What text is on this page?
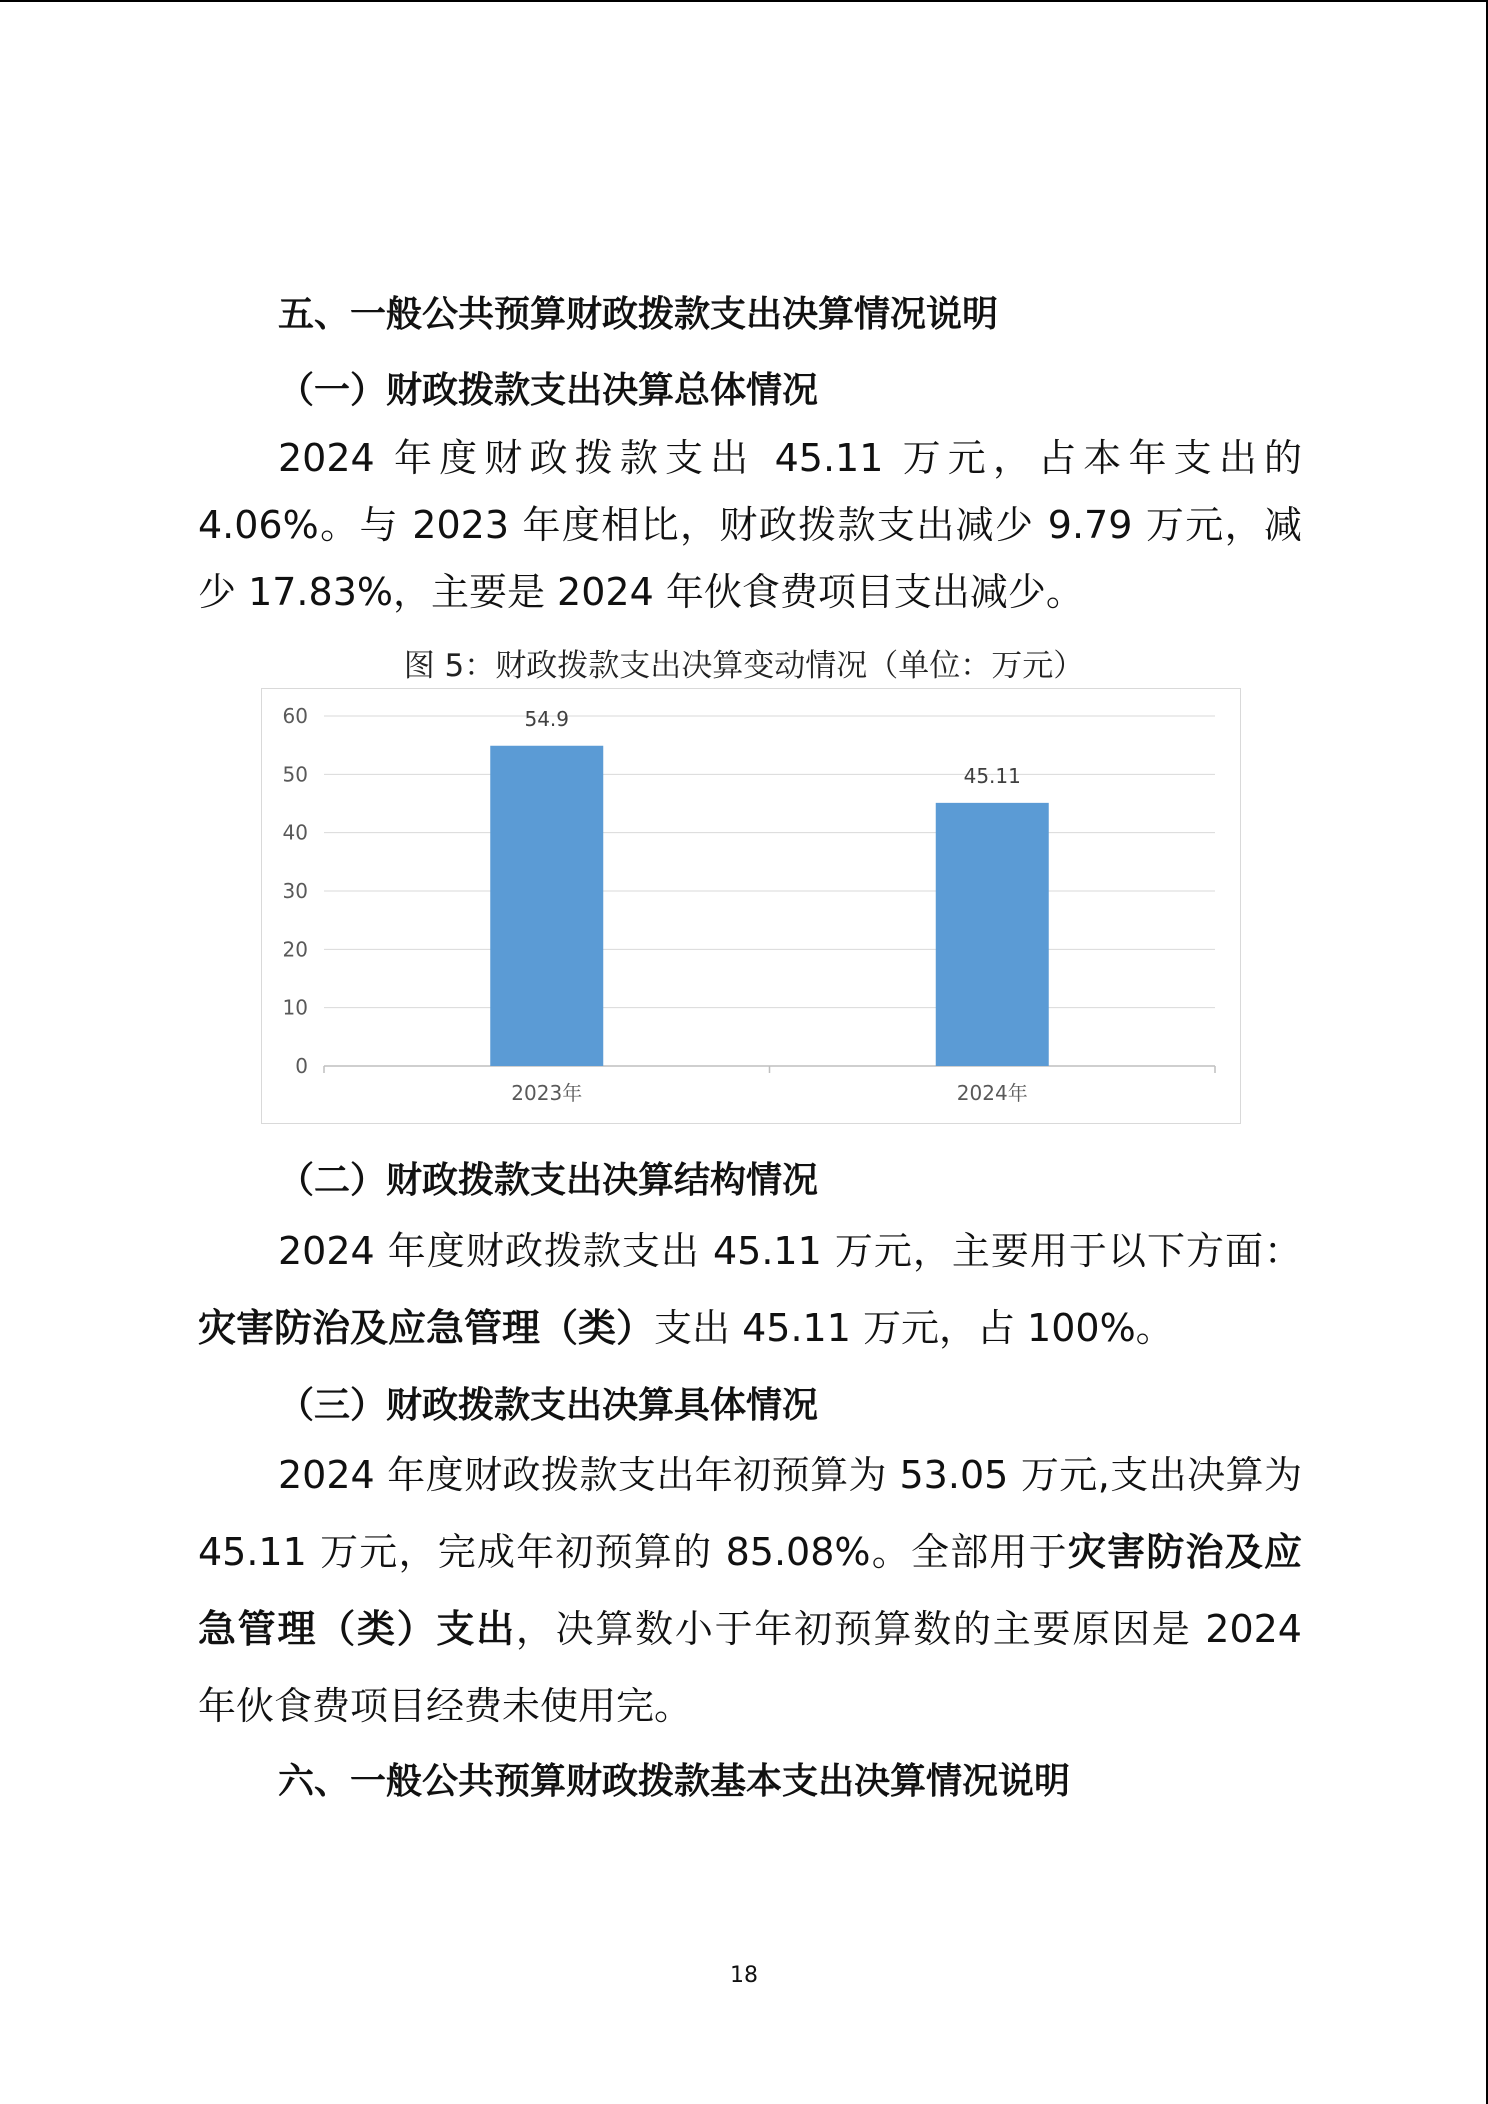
五、一般公共预算财政拨款支出决算情况说明
（一）财政拨款支出决算总体情况
2024 年度财政拨款支出 45.11 万元，占本年支出的 4.06%。与 2023 年度相比，财政拨款支出减少 9.79 万元，减少 17.83%，主要是 2024 年伙食费项目支出减少。
图 5：财政拨款支出决算变动情况（单位：万元）
0
10
20
30
40
50
60	54.9
2023年
45.11
2024年
（二）财政拨款支出决算结构情况
2024 年度财政拨款支出 45.11 万元，主要用于以下方面：灾害防治及应急管理（类）支出 45.11 万元，占 100%。
（三）财政拨款支出决算具体情况
2024 年度财政拨款支出年初预算为 53.05 万元,支出决算为 45.11 万元，完成年初预算的 85.08%。全部用于灾害防治及应急管理（类）支出，决算数小于年初预算数的主要原因是 2024 年伙食费项目经费未使用完。
六、一般公共预算财政拨款基本支出决算情况说明
18
